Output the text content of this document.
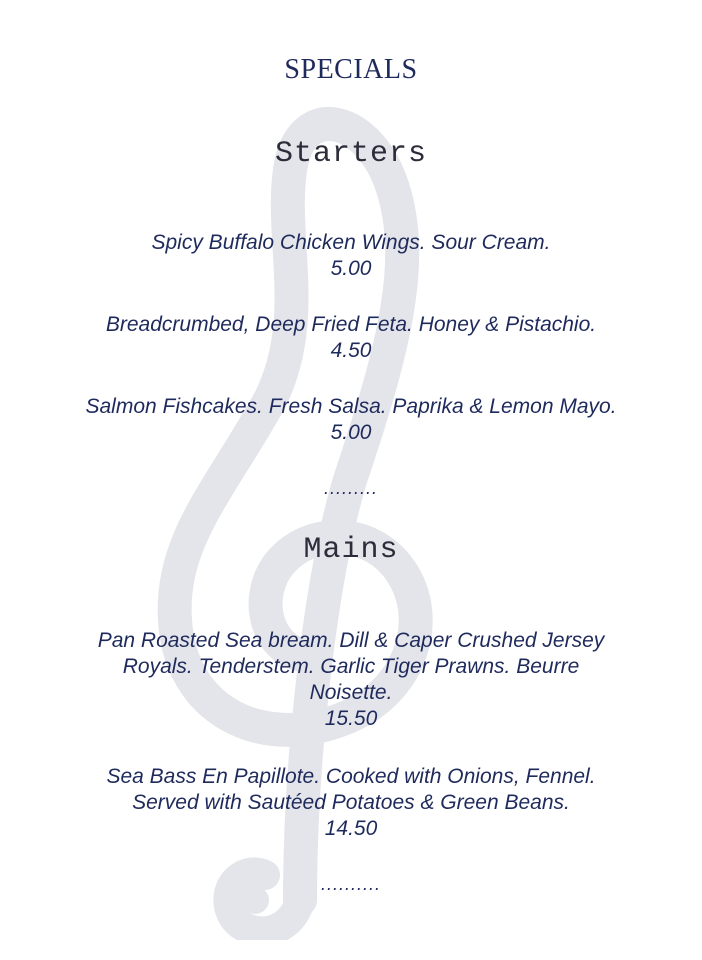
SPECIALS
Starters
Spicy Buffalo Chicken Wings. Sour Cream.
5.00
Breadcrumbed, Deep Fried Feta. Honey & Pistachio.
4.50
Salmon Fishcakes. Fresh Salsa. Paprika & Lemon Mayo.
5.00
.........
Mains
Pan Roasted Sea bream. Dill & Caper Crushed Jersey
Royals. Tenderstem. Garlic Tiger Prawns. Beurre
Noisette.
15.50
Sea Bass En Papillote. Cooked with Onions, Fennel.
Served with Sautéed Potatoes & Green Beans.
14.50
..........
